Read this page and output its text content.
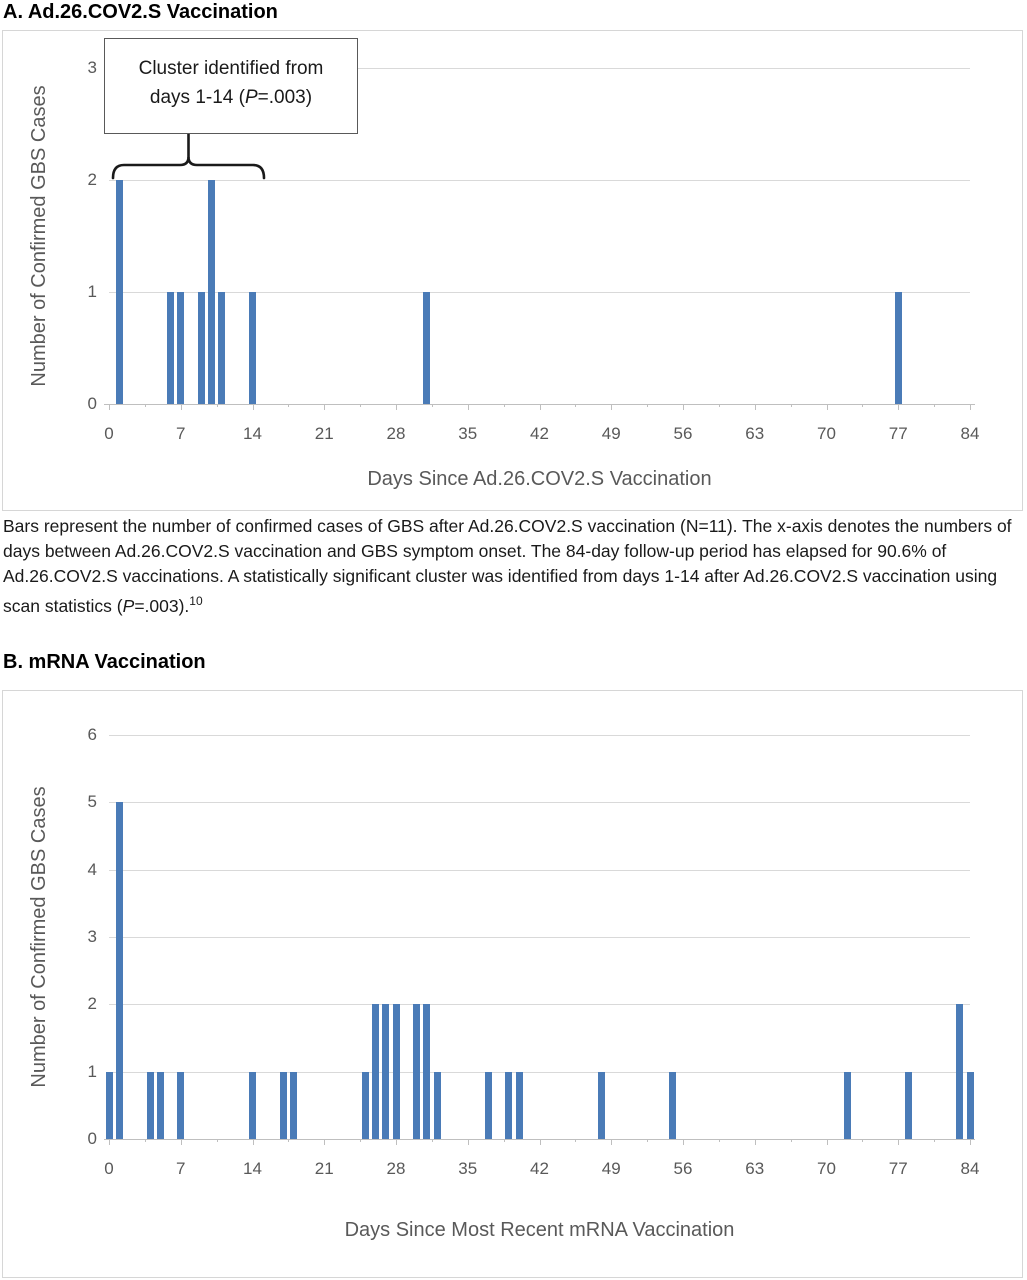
A. Ad.26.COV2.S Vaccination
Cluster identified from
days 1-14 (P=.003)
0
1
2
3
0	7	14	21	28	35	42	49	56	63	70	77	84
Days Since Ad.26.COV2.S Vaccination
Number of Confirmed GBS Cases

Bars represent the number of confirmed cases of GBS after Ad.26.COV2.S vaccination (N=11). The x-axis denotes the numbers of days between Ad.26.COV2.S vaccination and GBS symptom onset. The 84-day follow-up period has elapsed for 90.6% of Ad.26.COV2.S vaccinations. A statistically significant cluster was identified from days 1-14 after Ad.26.COV2.S vaccination using scan statistics (P=.003).$^{10}$

B. mRNA Vaccination
0
1
2
3
4
5
6
0	7	14	21	28	35	42	49	56	63	70	77	84
Days Since Most Recent mRNA Vaccination
Number of Confirmed GBS Cases
